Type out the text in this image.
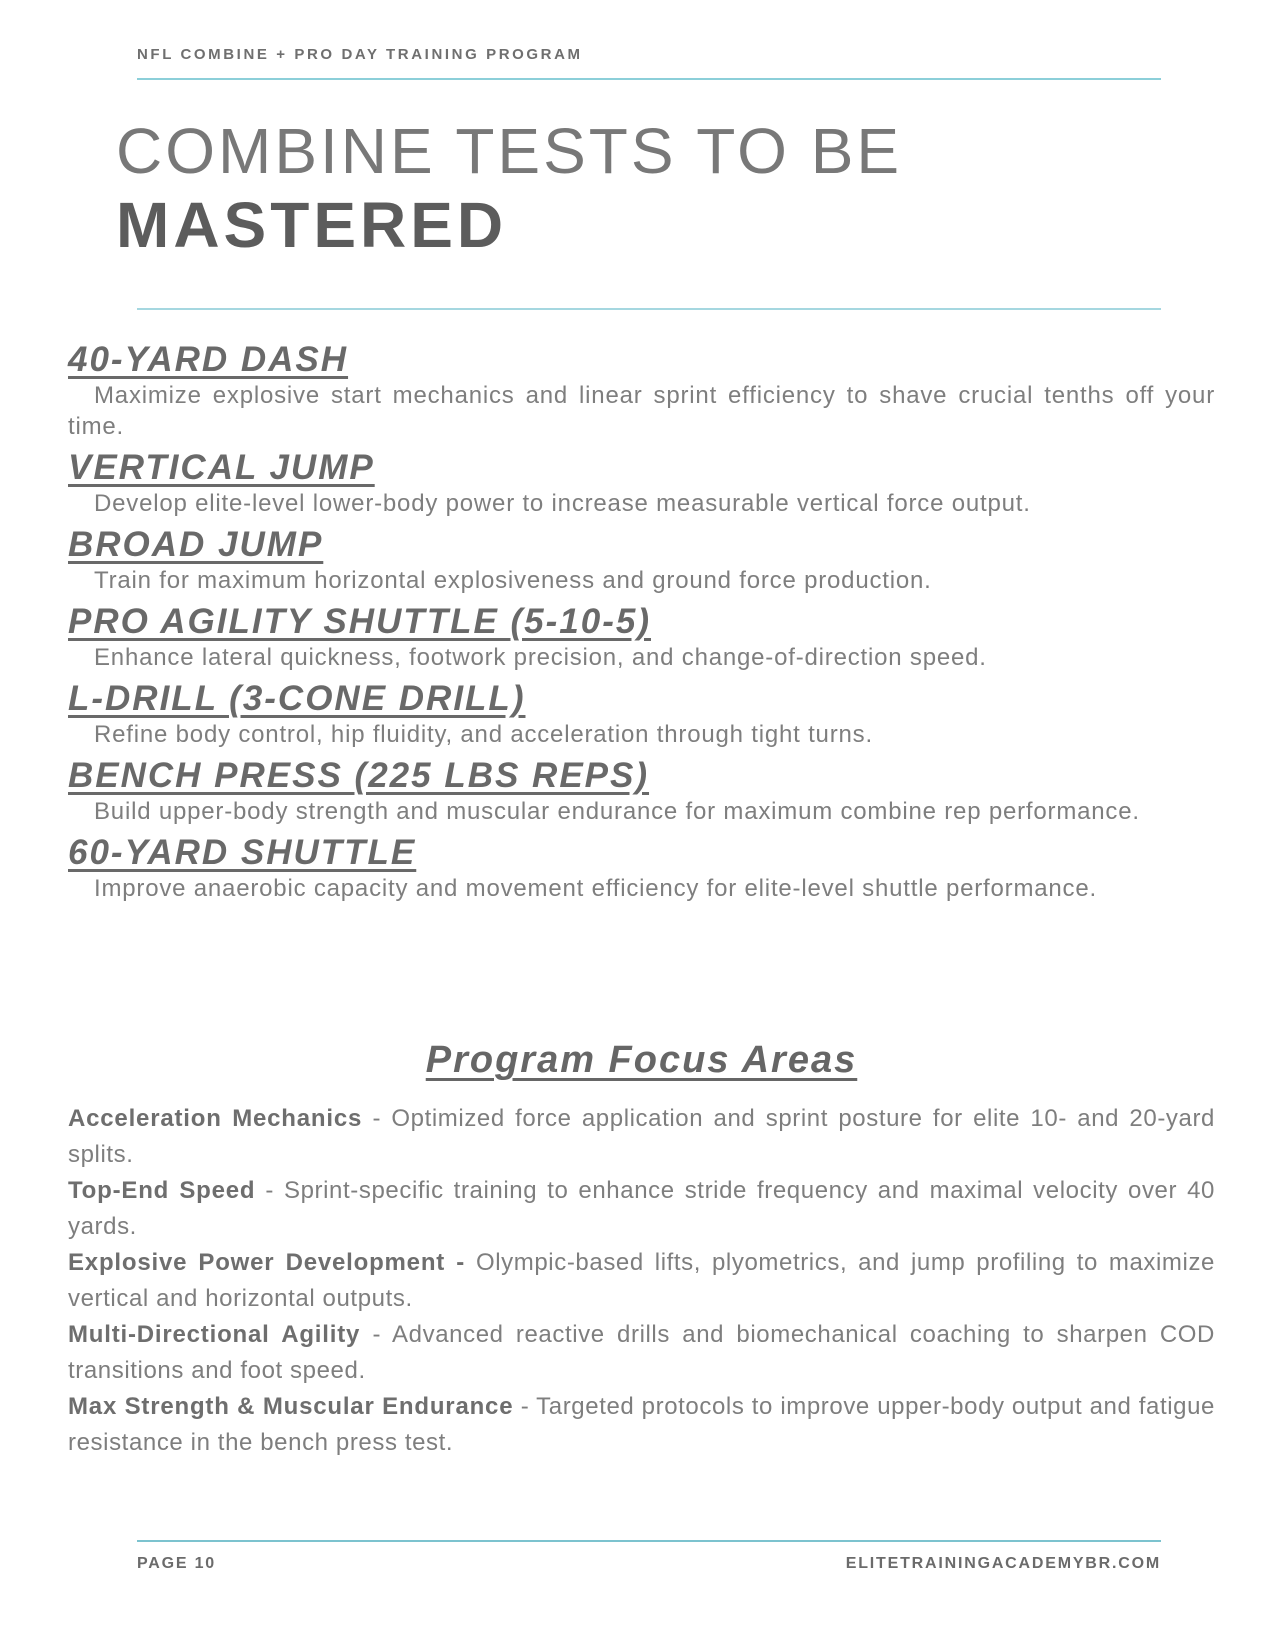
NFL COMBINE + PRO DAY TRAINING PROGRAM
COMBINE TESTS TO BE
MASTERED
40-YARD DASH

Maximize explosive start mechanics and linear sprint efficiency to shave crucial tenths off your time.

VERTICAL JUMP

Develop elite-level lower-body power to increase measurable vertical force output.

BROAD JUMP

Train for maximum horizontal explosiveness and ground force production.

PRO AGILITY SHUTTLE (5-10-5)

Enhance lateral quickness, footwork precision, and change-of-direction speed.

L-DRILL (3-CONE DRILL)

Refine body control, hip fluidity, and acceleration through tight turns.

BENCH PRESS (225 LBS REPS)

Build upper-body strength and muscular endurance for maximum combine rep performance.

60-YARD SHUTTLE

Improve anaerobic capacity and movement efficiency for elite-level shuttle performance.

Program Focus Areas

Acceleration Mechanics - Optimized force application and sprint posture for elite 10- and 20-yard splits.

Top-End Speed - Sprint-specific training to enhance stride frequency and maximal velocity over 40 yards.

Explosive Power Development - Olympic-based lifts, plyometrics, and jump profiling to maximize vertical and horizontal outputs.

Multi-Directional Agility - Advanced reactive drills and biomechanical coaching to sharpen COD transitions and foot speed.

Max Strength & Muscular Endurance - Targeted protocols to improve upper-body output and fatigue resistance in the bench press test.

PAGE 10	ELITETRAININGACADEMYBR.COM
